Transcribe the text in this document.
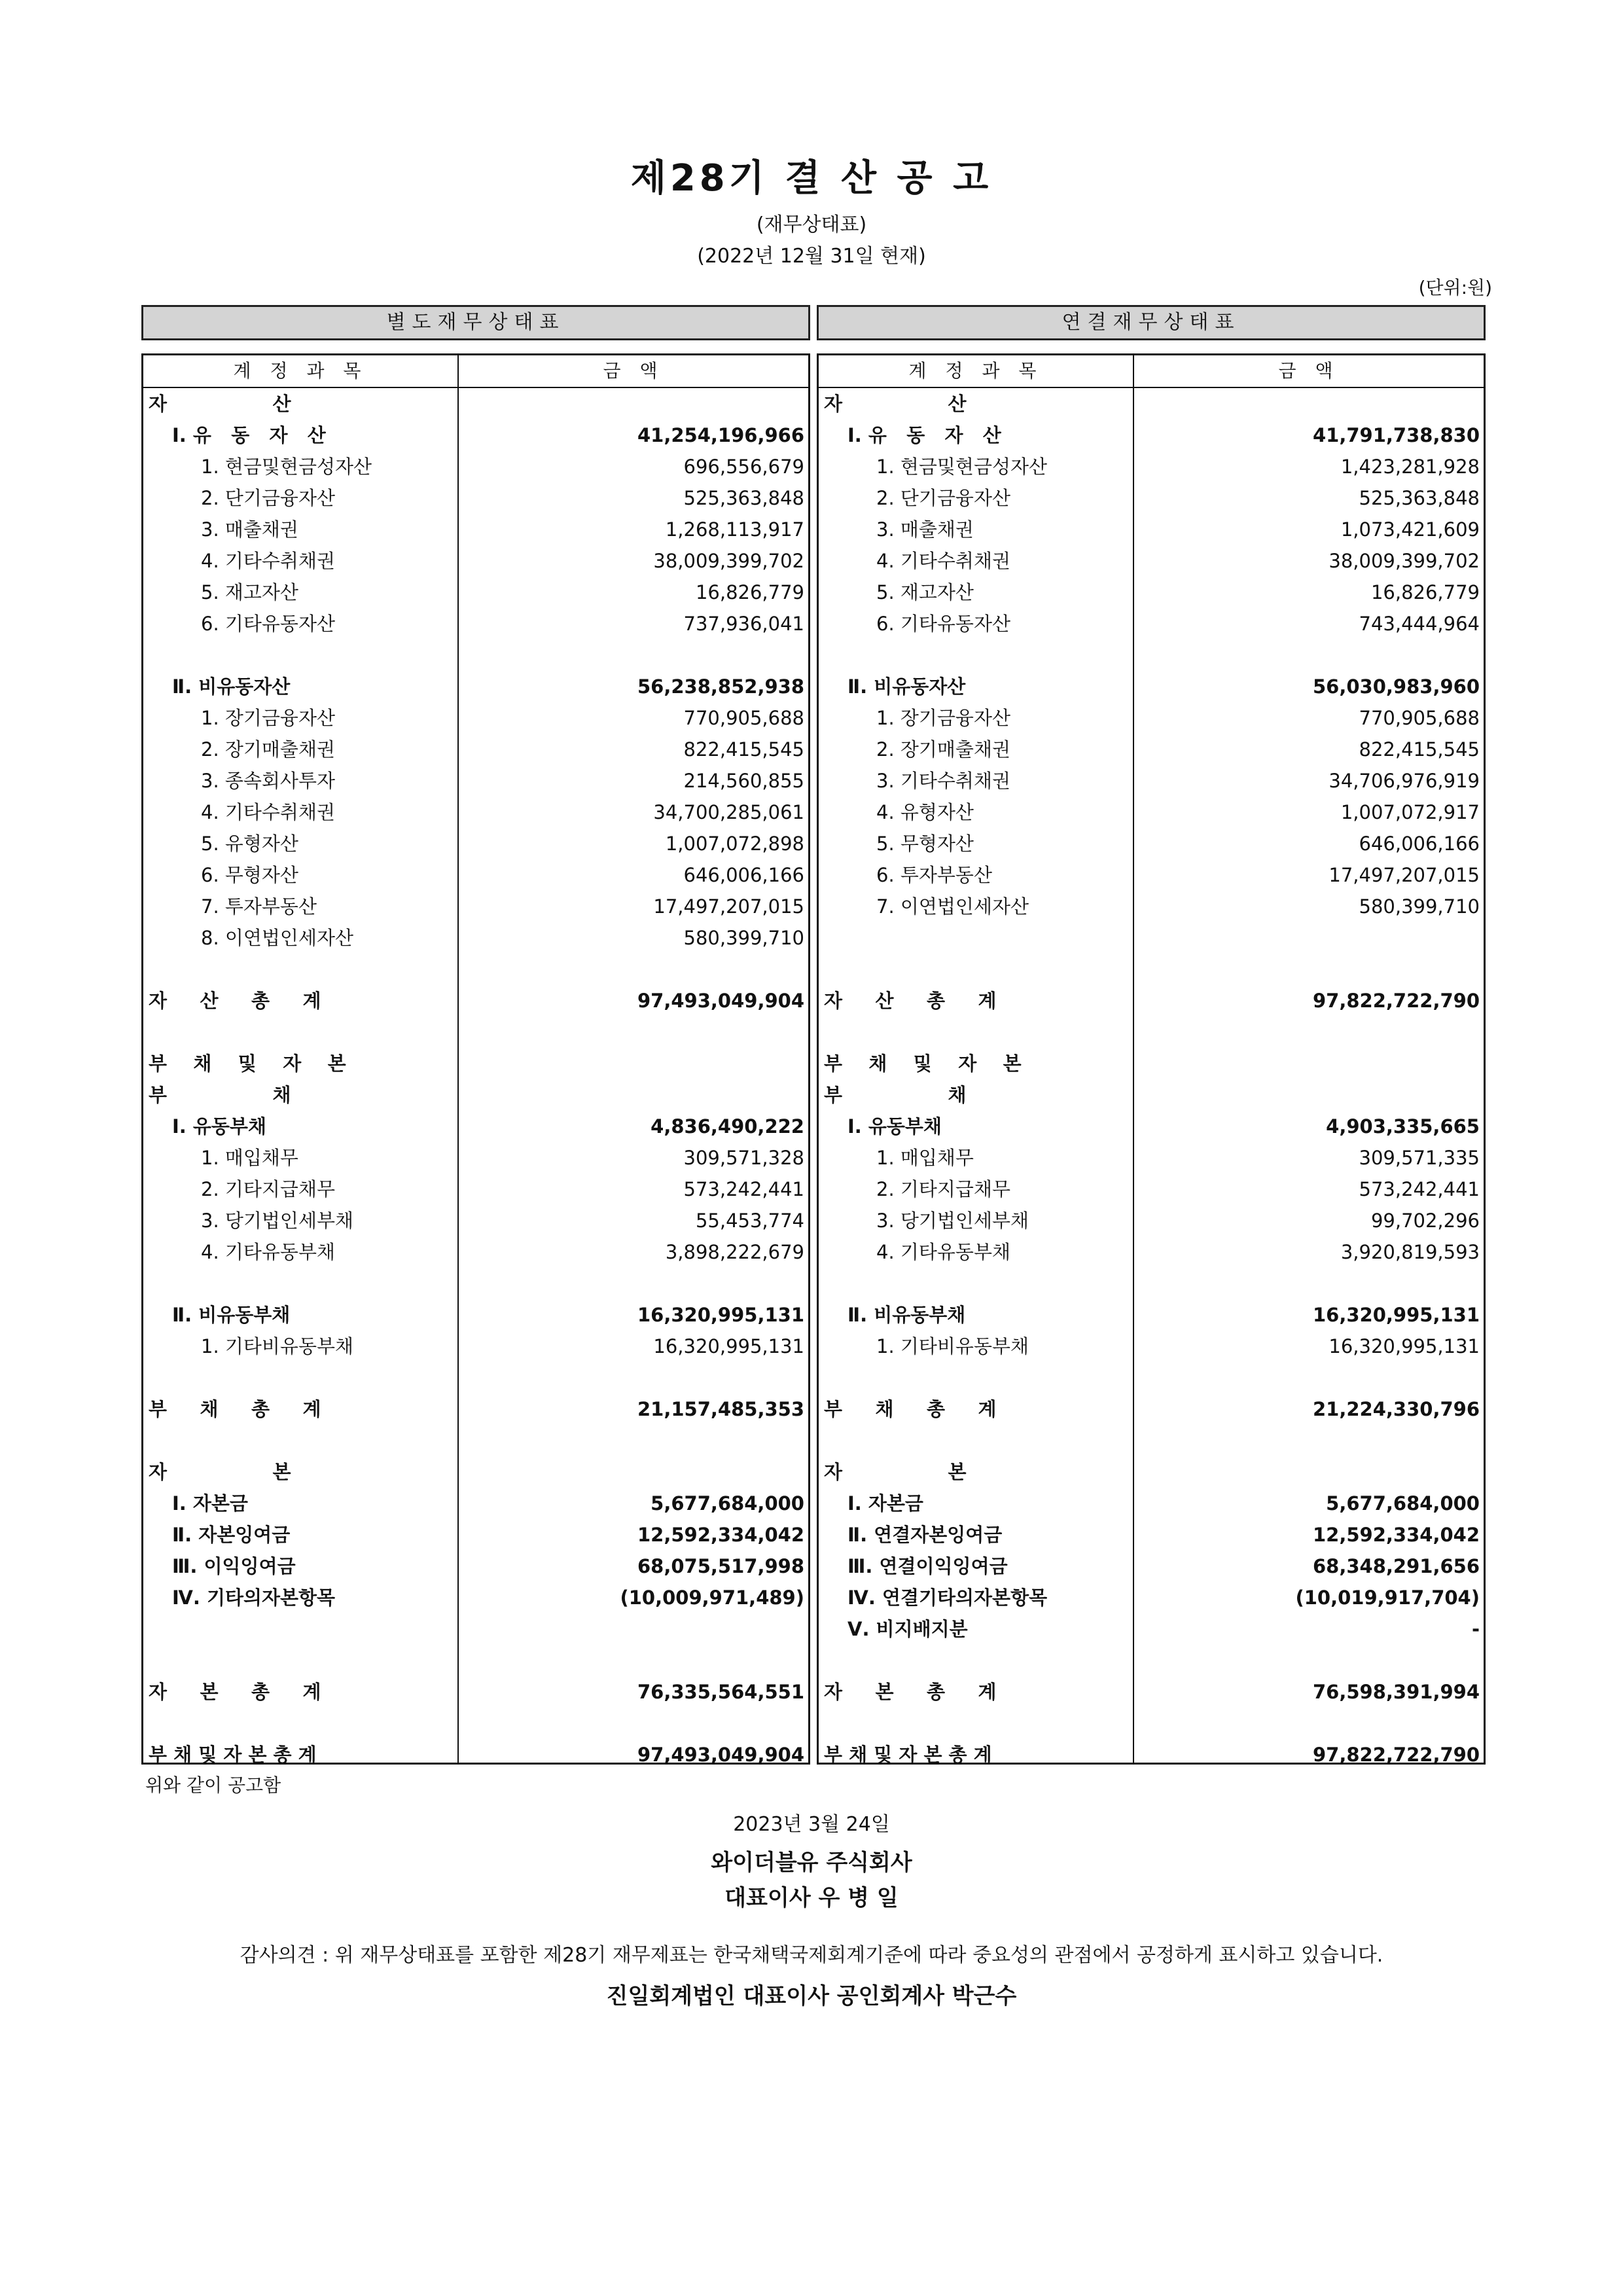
제28기 결 산 공 고
(재무상태표)
(2022년 12월 31일 현재)
(단위:원)
별도재무상태표	연결재무상태표
계 정 과 목	금 액
자                산
Ⅰ. 유   동   자   산	41,254,196,966
1. 현금및현금성자산	696,556,679
2. 단기금융자산	525,363,848
3. 매출채권	1,268,113,917
4. 기타수취채권	38,009,399,702
5. 재고자산	16,826,779
6. 기타유동자산	737,936,041
Ⅱ. 비유동자산	56,238,852,938
1. 장기금융자산	770,905,688
2. 장기매출채권	822,415,545
3. 종속회사투자	214,560,855
4. 기타수취채권	34,700,285,061
5. 유형자산	1,007,072,898
6. 무형자산	646,006,166
7. 투자부동산	17,497,207,015
8. 이연법인세자산	580,399,710
자     산     총     계	97,493,049,904
부    채    및    자    본
부                채
Ⅰ. 유동부채	4,836,490,222
1. 매입채무	309,571,328
2. 기타지급채무	573,242,441
3. 당기법인세부채	55,453,774
4. 기타유동부채	3,898,222,679
Ⅱ. 비유동부채	16,320,995,131
1. 기타비유동부채	16,320,995,131
부     채     총     계	21,157,485,353
자                본
Ⅰ. 자본금	5,677,684,000
Ⅱ. 자본잉여금	12,592,334,042
Ⅲ. 이익잉여금	68,075,517,998
Ⅳ. 기타의자본항목	(10,009,971,489)
자     본     총     계	76,335,564,551
부 채 및 자 본 총 계	97,493,049,904
계 정 과 목	금 액
자                산
Ⅰ. 유   동   자   산	41,791,738,830
1. 현금및현금성자산	1,423,281,928
2. 단기금융자산	525,363,848
3. 매출채권	1,073,421,609
4. 기타수취채권	38,009,399,702
5. 재고자산	16,826,779
6. 기타유동자산	743,444,964
Ⅱ. 비유동자산	56,030,983,960
1. 장기금융자산	770,905,688
2. 장기매출채권	822,415,545
3. 기타수취채권	34,706,976,919
4. 유형자산	1,007,072,917
5. 무형자산	646,006,166
6. 투자부동산	17,497,207,015
7. 이연법인세자산	580,399,710
자     산     총     계	97,822,722,790
부    채    및    자    본
부                채
Ⅰ. 유동부채	4,903,335,665
1. 매입채무	309,571,335
2. 기타지급채무	573,242,441
3. 당기법인세부채	99,702,296
4. 기타유동부채	3,920,819,593
Ⅱ. 비유동부채	16,320,995,131
1. 기타비유동부채	16,320,995,131
부     채     총     계	21,224,330,796
자                본
Ⅰ. 자본금	5,677,684,000
Ⅱ. 연결자본잉여금	12,592,334,042
Ⅲ. 연결이익잉여금	68,348,291,656
Ⅳ. 연결기타의자본항목	(10,019,917,704)
Ⅴ. 비지배지분	-
자     본     총     계	76,598,391,994
부 채 및 자 본 총 계	97,822,722,790
위와 같이 공고함
2023년 3월 24일
와이더블유 주식회사
대표이사 우 병 일
감사의견 : 위 재무상태표를 포함한 제28기 재무제표는 한국채택국제회계기준에 따라 중요성의 관점에서 공정하게 표시하고 있습니다.
진일회계법인 대표이사 공인회계사 박근수
